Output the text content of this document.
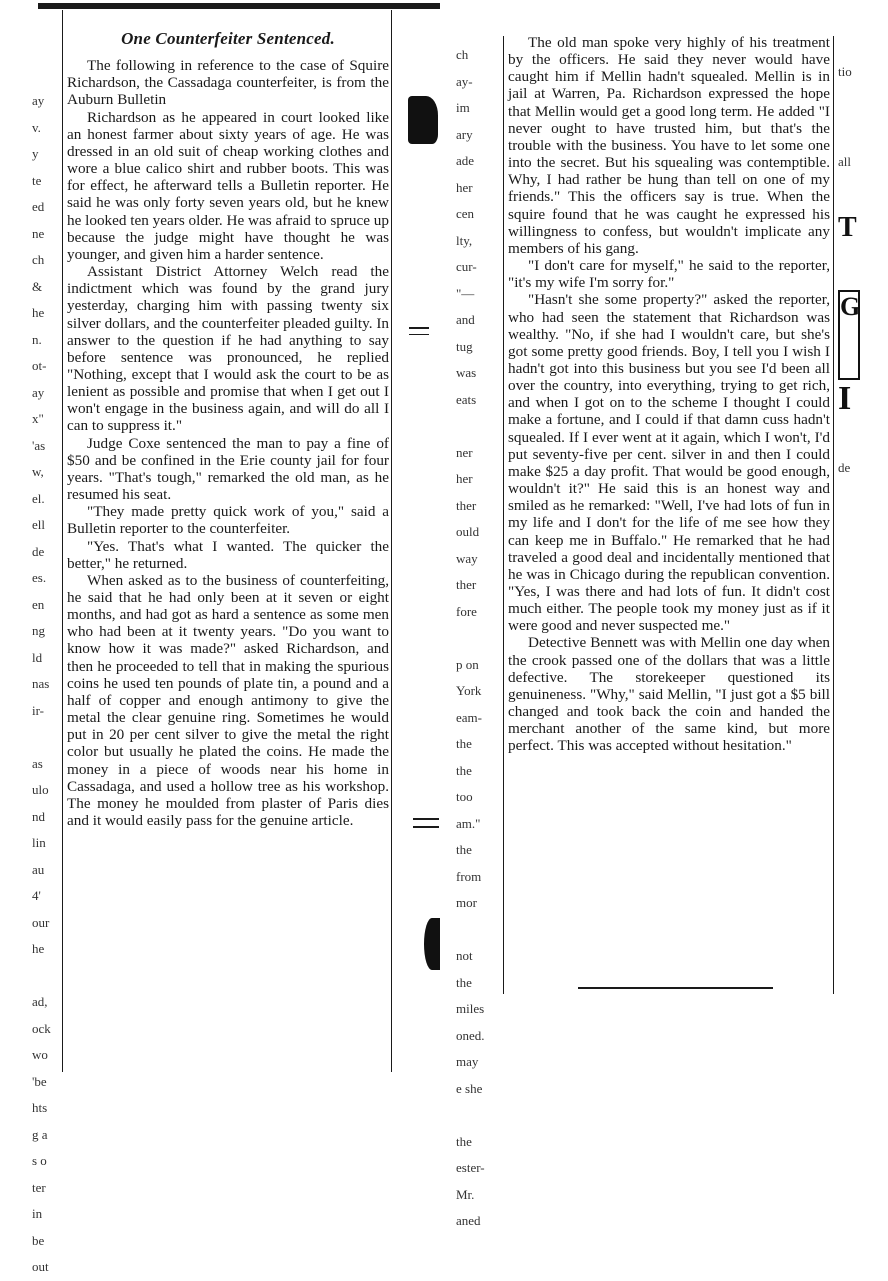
ay
v.
y
te
ed
ne
ch
&
he
n.
ot-
ay
x"
'as
w,
el.
ell
de
es.
en
ng
ld
nas
ir-
as
ulo
nd
lin
au
4'
our
he
ad,
ock
wo
'be
hts
g a
s o
ter
in
be
out
One Counterfeiter Sentenced.

The following in reference to the case of Squire Richardson, the Cassadaga counterfeiter, is from the Auburn Bulletin

Richardson as he appeared in court looked like an honest farmer about sixty years of age. He was dressed in an old suit of cheap working clothes and wore a blue calico shirt and rubber boots. This was for effect, he afterward tells a Bulletin reporter. He said he was only forty seven years old, but he knew he looked ten years older. He was afraid to spruce up because the judge might have thought he was younger, and given him a harder sentence.

Assistant District Attorney Welch read the indictment which was found by the grand jury yesterday, charging him with passing twenty six silver dollars, and the counterfeiter pleaded guilty. In answer to the question if he had anything to say before sentence was pronounced, he replied "Nothing, except that I would ask the court to be as lenient as possible and promise that when I get out I won't engage in the business again, and will do all I can to suppress it."

Judge Coxe sentenced the man to pay a fine of $50 and be confined in the Erie county jail for four years. "That's tough," remarked the old man, as he resumed his seat.

"They made pretty quick work of you," said a Bulletin reporter to the counterfeiter.

"Yes. That's what I wanted. The quicker the better," he returned.

When asked as to the business of counterfeiting, he said that he had only been at it seven or eight months, and had got as hard a sentence as some men who had been at it twenty years. "Do you want to know how it was made?" asked Richardson, and then he proceeded to tell that in making the spurious coins he used ten pounds of plate tin, a pound and a half of copper and enough antimony to give the metal the clear genuine ring. Sometimes he would put in 20 per cent silver to give the metal the right color but usually he plated the coins. He made the money in a piece of woods near his home in Cassadaga, and used a hollow tree as his workshop. The money he moulded from plaster of Paris dies and it would easily pass for the genuine article.

ch
ay-
im
ary
ade
her
cen
lty,
cur-
"—
and
tug
was
eats
ner
her
ther
ould
way
ther
fore
p on
York
eam-
the
the
too
am."
the
from
mor
not
the
miles
oned.
may
e she
the
ester-
Mr.
aned

The old man spoke very highly of his treatment by the officers. He said they never would have caught him if Mellin hadn't squealed. Mellin is in jail at Warren, Pa. Richardson expressed the hope that Mellin would get a good long term. He added "I never ought to have trusted him, but that's the trouble with the business. You have to let some one into the secret. But his squealing was contemptible. Why, I had rather be hung than tell on one of my friends." This the officers say is true. When the squire found that he was caught he expressed his willingness to confess, but wouldn't implicate any members of his gang.

"I don't care for myself," he said to the reporter, "it's my wife I'm sorry for."

"Hasn't she some property?" asked the reporter, who had seen the statement that Richardson was wealthy. "No, if she had I wouldn't care, but she's got some pretty good friends. Boy, I tell you I wish I hadn't got into this business but you see I'd been all over the country, into everything, trying to get rich, and when I got on to the scheme I thought I could make a fortune, and I could if that damn cuss hadn't squealed. If I ever went at it again, which I won't, I'd put seventy-five per cent. silver in and then I could make $25 a day profit. That would be good enough, wouldn't it?" He said this is an honest way and smiled as he remarked: "Well, I've had lots of fun in my life and I don't for the life of me see how they can keep me in Buffalo." He remarked that he had traveled a good deal and incidentally mentioned that he was in Chicago during the republican convention. "Yes, I was there and had lots of fun. It didn't cost much either. The people took my money just as if it were good and never suspected me."

Detective Bennett was with Mellin one day when the crook passed one of the dollars that was a little defective. The storekeeper questioned its genuineness. "Why," said Mellin, "I just got a $5 bill changed and took back the coin and handed the merchant another of the same kind, but more perfect. This was accepted without hesitation."

tio
all
T
G
I
de
